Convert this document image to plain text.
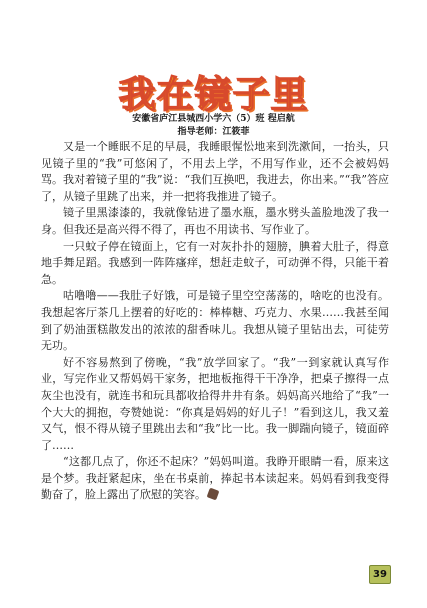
我在镜子里
安徽省庐江县城西小学六（5）班 程启航
指导老师：江筱菲

又是一个睡眠不足的早晨，我睡眼惺忪地来到洗漱间，一抬头，只见镜子里的“我”可悠闲了，不用去上学，不用写作业，还不会被妈妈骂。我对着镜子里的“我”说：“我们互换吧，我进去，你出来。”“我”答应了，从镜子里跳了出来，并一把将我推进了镜子。

镜子里黑漆漆的，我就像钻进了墨水瓶，墨水劈头盖脸地泼了我一身。但我还是高兴得不得了，再也不用读书、写作业了。

一只蚊子停在镜面上，它有一对灰扑扑的翅膀，腆着大肚子，得意地手舞足蹈。我感到一阵阵瘙痒，想赶走蚊子，可动弹不得，只能干着急。

咕噜噜——我肚子好饿，可是镜子里空空荡荡的，啥吃的也没有。我想起客厅茶几上摆着的好吃的：棒棒糖、巧克力、水果……我甚至闻到了奶油蛋糕散发出的浓浓的甜香味儿。我想从镜子里钻出去，可徒劳无功。

好不容易熬到了傍晚，“我”放学回家了。“我”一到家就认真写作业，写完作业又帮妈妈干家务，把地板拖得干干净净，把桌子擦得一点灰尘也没有，就连书和玩具都收拾得井井有条。妈妈高兴地给了“我”一个大大的拥抱，夸赞她说：“你真是妈妈的好儿子！”看到这儿，我又羞又气，恨不得从镜子里跳出去和“我”比一比。我一脚踹向镜子，镜面碎了……

“这都几点了，你还不起床？”妈妈叫道。我睁开眼睛一看，原来这是个梦。我赶紧起床，坐在书桌前，捧起书本读起来。妈妈看到我变得勤奋了，脸上露出了欣慰的笑容。

39
